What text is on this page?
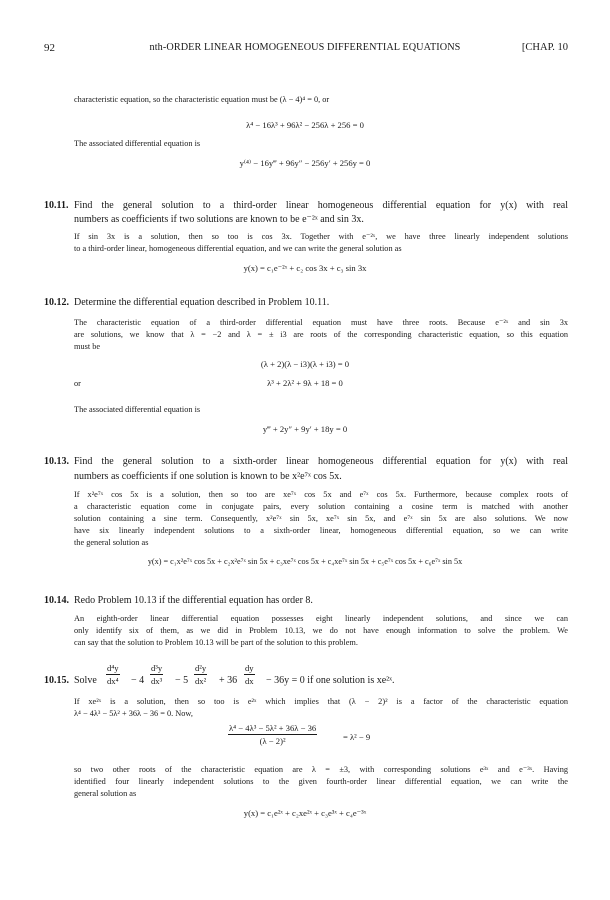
92	nth-ORDER LINEAR HOMOGENEOUS DIFFERENTIAL EQUATIONS	[CHAP. 10
characteristic equation, so the characteristic equation must be (λ − 4)⁴ = 0, or
λ⁴ − 16λ³ + 96λ² − 256λ + 256 = 0
The associated differential equation is
y⁽⁴⁾ − 16y‴ + 96y″ − 256y′ + 256y = 0
10.11. Find the general solution to a third-order linear homogeneous differential equation for y(x) with real
numbers as coefficients if two solutions are known to be e⁻²ˣ and sin 3x.
If sin 3x is a solution, then so too is cos 3x. Together with e⁻²ˣ, we have three linearly independent solutions
to a third-order linear, homogeneous differential equation, and we can write the general solution as
y(x) = c₁e⁻²ˣ + c₂ cos 3x + c₃ sin 3x
10.12. Determine the differential equation described in Problem 10.11.
The characteristic equation of a third-order differential equation must have three roots. Because e⁻²ˣ and sin 3x
are solutions, we know that λ = −2 and λ = ± i3 are roots of the corresponding characteristic equation, so this equation
must be
(λ + 2)(λ − i3)(λ + i3) = 0
or	λ³ + 2λ² + 9λ + 18 = 0
The associated differential equation is
y‴ + 2y″ + 9y′ + 18y = 0
10.13. Find the general solution to a sixth-order linear homogeneous differential equation for y(x) with real
numbers as coefficients if one solution is known to be x²e⁷ˣ cos 5x.
If x²e⁷ˣ cos 5x is a solution, then so too are xe⁷ˣ cos 5x and e⁷ˣ cos 5x. Furthermore, because complex roots of
a characteristic equation come in conjugate pairs, every solution containing a cosine term is matched with another
solution containing a sine term. Consequently, x²e⁷ˣ sin 5x, xe⁷ˣ sin 5x, and e⁷ˣ sin 5x are also solutions. We now
have six linearly independent solutions to a sixth-order linear, homogeneous differential equation, so we can write
the general solution as
y(x) = c₁x²e⁷ˣ cos 5x + c₂x²e⁷ˣ sin 5x + c₃xe⁷ˣ cos 5x + c₄xe⁷ˣ sin 5x + c₅e⁷ˣ cos 5x + c₆e⁷ˣ sin 5x
10.14. Redo Problem 10.13 if the differential equation has order 8.
An eighth-order linear differential equation possesses eight linearly independent solutions, and since we can
only identify six of them, as we did in Problem 10.13, we do not have enough information to solve the problem. We
can say that the solution to Problem 10.13 will be part of the solution to this problem.
10.15. Solve $\frac{\text{d⁴y}}{\text{dx⁴}} - 4 \frac{\text{d³y}}{\text{dx³}} - 5 \frac{\text{d²y}}{\text{dx²}} + 36 \frac{dy}{dx} - 36y = 0$ if one solution is xe²ˣ.
If xe²ˣ is a solution, then so too is e²ˣ which implies that (λ − 2)² is a factor of the characteristic equation
λ⁴ − 4λ³ − 5λ² + 36λ − 36 = 0. Now,
$\frac{\text{λ⁴ − 4λ³ − 5λ² + 36λ − 36}}{\text{(λ − 2)²}}$	= λ² − 9
so two other roots of the characteristic equation are λ = ±3, with corresponding solutions e³ˣ and e⁻³ˣ. Having
identified four linearly independent solutions to the given fourth-order linear differential equation, we can write the
general solution as
y(x) = c₁e²ˣ + c₂xe²ˣ + c₃e³ˣ + c₄e⁻³ˣ
